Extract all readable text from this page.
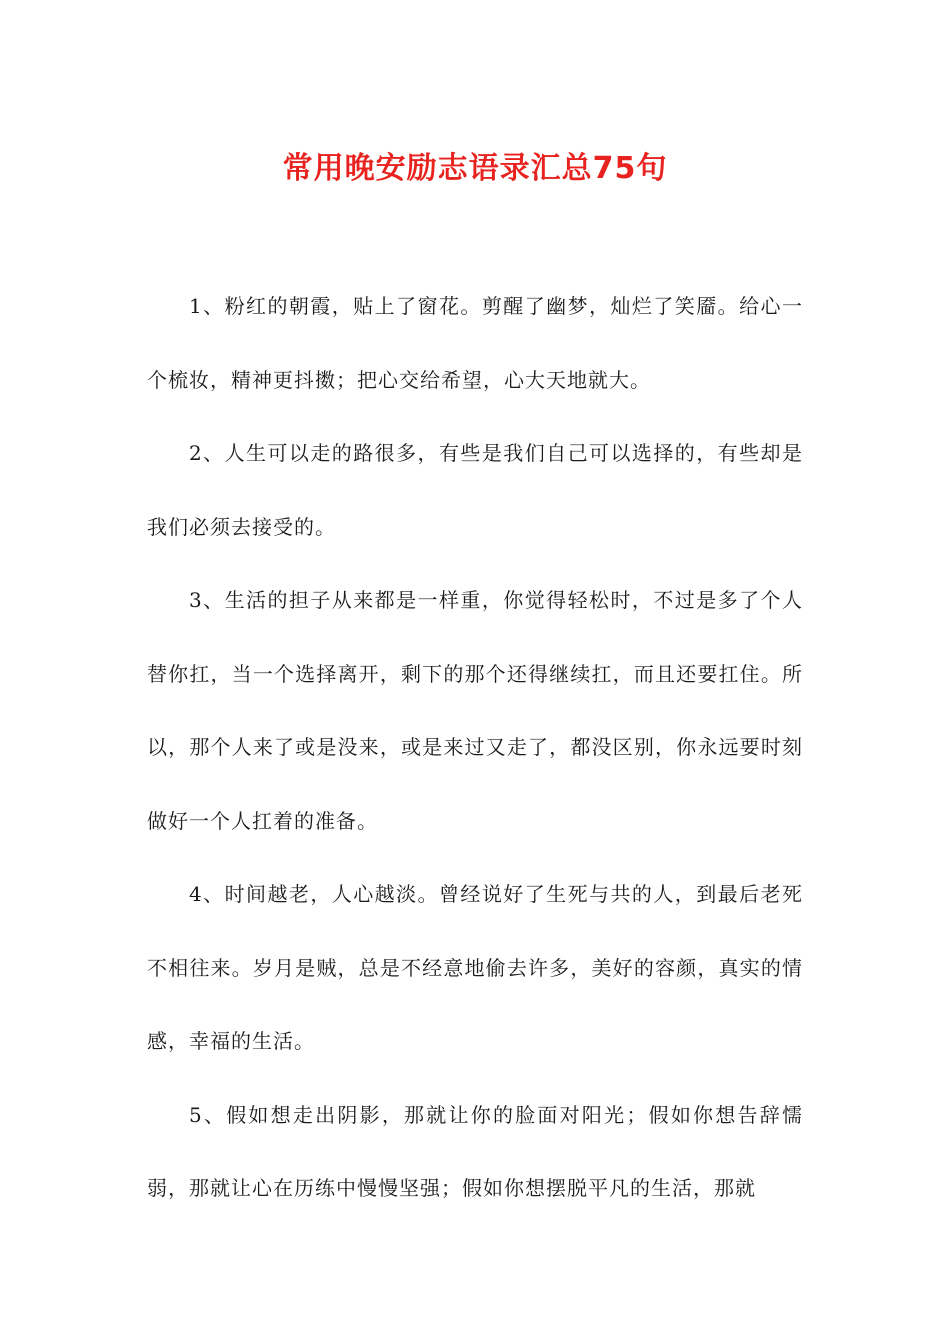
常用晚安励志语录汇总75句

1、粉红的朝霞，贴上了窗花。剪醒了幽梦，灿烂了笑靥。给心一个梳妆，精神更抖擞；把心交给希望，心大天地就大。

2、人生可以走的路很多，有些是我们自己可以选择的，有些却是我们必须去接受的。

3、生活的担子从来都是一样重，你觉得轻松时，不过是多了个人替你扛，当一个选择离开，剩下的那个还得继续扛，而且还要扛住。所以，那个人来了或是没来，或是来过又走了，都没区别，你永远要时刻做好一个人扛着的准备。

4、时间越老，人心越淡。曾经说好了生死与共的人，到最后老死不相往来。岁月是贼，总是不经意地偷去许多，美好的容颜，真实的情感，幸福的生活。

5、假如想走出阴影，那就让你的脸面对阳光；假如你想告辞懦弱，那就让心在历练中慢慢坚强；假如你想摆脱平凡的生活，那就
